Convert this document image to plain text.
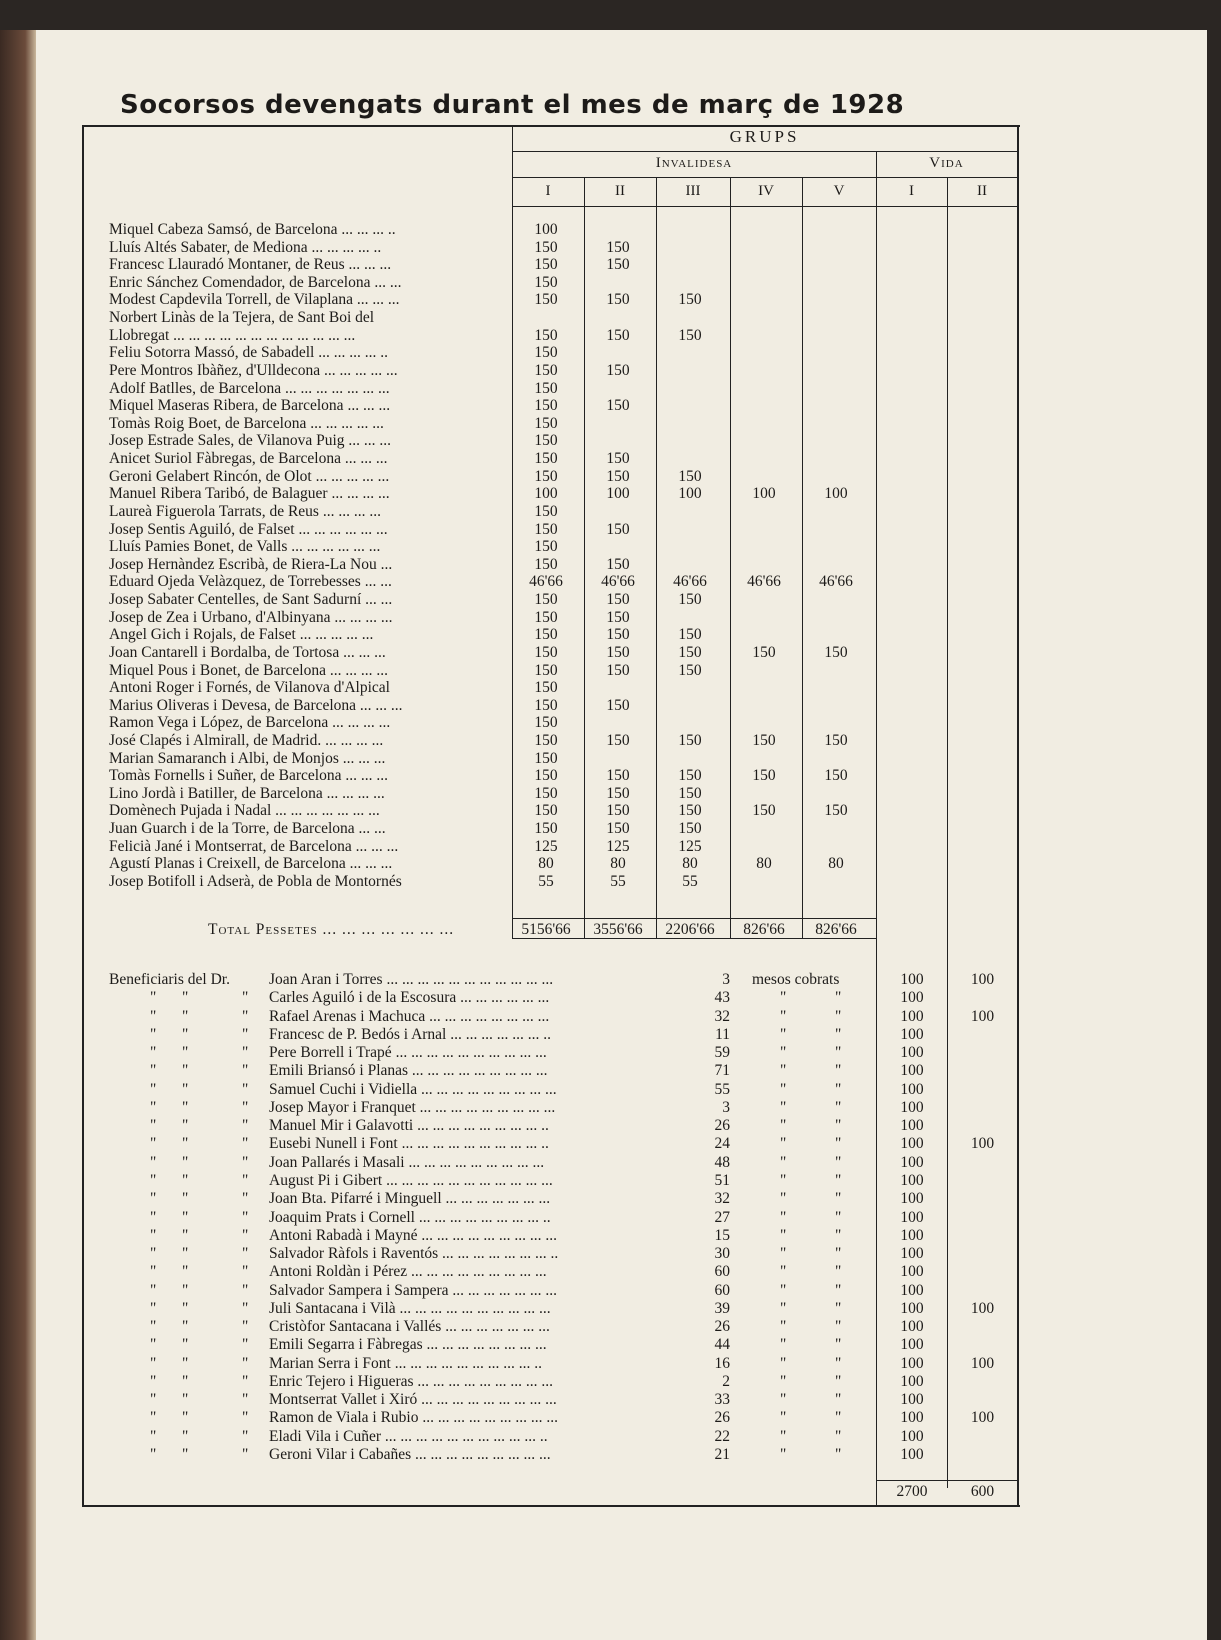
Socorsos devengats durant el mes de març de 1928
GRUPS
Invalidesa	Vida
I	II	III	IV	V	I	II
Miquel Cabeza Samsó, de Barcelona ... ... ... ..	100
Lluís Altés Sabater, de Mediona ... ... ... ... ..	150	150
Francesc Llauradó Montaner, de Reus ... ... ...	150	150
Enric Sánchez Comendador, de Barcelona ... ...	150
Modest Capdevila Torrell, de Vilaplana ... ... ...	150	150	150
Norbert Linàs de la Tejera, de Sant Boi del
Llobregat ... ... ... ... ... ... ... ... ... ... ... ...	150	150	150
Feliu Sotorra Massó, de Sabadell ... ... ... ... ..	150
Pere Montros Ibàñez, d'Ulldecona ... ... ... ... ...	150	150
Adolf Batlles, de Barcelona ... ... ... ... ... ... ...	150
Miquel Maseras Ribera, de Barcelona ... ... ...	150	150
Tomàs Roig Boet, de Barcelona ... ... ... ... ...	150
Josep Estrade Sales, de Vilanova Puig ... ... ...	150
Anicet Suriol Fàbregas, de Barcelona ... ... ...	150	150
Geroni Gelabert Rincón, de Olot ... ... ... ... ...	150	150	150
Manuel Ribera Taribó, de Balaguer ... ... ... ...	100	100	100	100	100
Laureà Figuerola Tarrats, de Reus ... ... ... ...	150
Josep Sentis Aguiló, de Falset ... ... ... ... ... ...	150	150
Lluís Pamies Bonet, de Valls ... ... ... ... ... ...	150
Josep Hernàndez Escribà, de Riera-La Nou ...	150	150
Eduard Ojeda Velàzquez, de Torrebesses ... ...	46'66	46'66	46'66	46'66	46'66
Josep Sabater Centelles, de Sant Sadurní ... ...	150	150	150
Josep de Zea i Urbano, d'Albinyana ... ... ... ...	150	150
Angel Gich i Rojals, de Falset ... ... ... ... ...	150	150	150
Joan Cantarell i Bordalba, de Tortosa ... ... ...	150	150	150	150	150
Miquel Pous i Bonet, de Barcelona ... ... ... ...	150	150	150
Antoni Roger i Fornés, de Vilanova d'Alpical	150
Marius Oliveras i Devesa, de Barcelona ... ... ...	150	150
Ramon Vega i López, de Barcelona ... ... ... ...	150
José Clapés i Almirall, de Madrid. ... ... ... ...	150	150	150	150	150
Marian Samaranch i Albi, de Monjos ... ... ...	150
Tomàs Fornells i Suñer, de Barcelona ... ... ...	150	150	150	150	150
Lino Jordà i Batiller, de Barcelona ... ... ... ...	150	150	150
Domènech Pujada i Nadal ... ... ... ... ... ... ...	150	150	150	150	150
Juan Guarch i de la Torre, de Barcelona ... ...	150	150	150
Felicià Jané i Montserrat, de Barcelona ... ... ...	125	125	125
Agustí Planas i Creixell, de Barcelona ... ... ...	80	80	80	80	80
Josep Botifoll i Adserà, de Pobla de Montornés	55	55	55
Total Pessetes ... ... ... ... ... ... ...	5156'66	3556'66	2206'66	826'66	826'66
Beneficiaris del Dr.	Joan Aran i Torres ... ... ... ... ... ... ... ... ... ... ...	3 mesos cobrats	100	100
" "	" Carles Aguiló i de la Escosura ... ... ... ... ... ...	43	"	"	100
" "	" Rafael Arenas i Machuca ... ... ... ... ... ... ... ...	32	"	"	100	100
" "	" Francesc de P. Bedós i Arnal ... ... ... ... ... ... ..	11	"	"	100
" "	" Pere Borrell i Trapé ... ... ... ... ... ... ... ... ... ...	59	"	"	100
" "	" Emili Briansó i Planas ... ... ... ... ... ... ... ... ...	71	"	"	100
" "	" Samuel Cuchi i Vidiella ... ... ... ... ... ... ... ... ...	55	"	"	100
" "	" Josep Mayor i Franquet ... ... ... ... ... ... ... ... ...	3	"	"	100
" "	" Manuel Mir i Galavotti ... ... ... ... ... ... ... ... ..	26	"	"	100
" "	" Eusebi Nunell i Font ... ... ... ... ... ... ... ... ... ..	24	"	"	100	100
" "	" Joan Pallarés i Masali ... ... ... ... ... ... ... ... ...	48	"	"	100
" "	" August Pi i Gibert ... ... ... ... ... ... ... ... ... ... ...	51	"	"	100
" "	" Joan Bta. Pifarré i Minguell ... ... ... ... ... ... ...	32	"	"	100
" "	" Joaquim Prats i Cornell ... ... ... ... ... ... ... ... ..	27	"	"	100
" "	" Antoni Rabadà i Mayné ... ... ... ... ... ... ... ... ...	15	"	"	100
" "	" Salvador Ràfols i Raventós ... ... ... ... ... ... ... ..	30	"	"	100
" "	" Antoni Roldàn i Pérez ... ... ... ... ... ... ... ... ...	60	"	"	100
" "	" Salvador Sampera i Sampera ... ... ... ... ... ... ...	60	"	"	100
" "	" Juli Santacana i Vilà ... ... ... ... ... ... ... ... ... ...	39	"	"	100	100
" "	" Cristòfor Santacana i Vallés ... ... ... ... ... ... ...	26	"	"	100
" "	" Emili Segarra i Fàbregas ... ... ... ... ... ... ... ...	44	"	"	100
" "	" Marian Serra i Font ... ... ... ... ... ... ... ... ... ..	16	"	"	100	100
" "	" Enric Tejero i Higueras ... ... ... ... ... ... ... ... ...	2	"	"	100
" "	" Montserrat Vallet i Xiró ... ... ... ... ... ... ... ... ...	33	"	"	100
" "	" Ramon de Viala i Rubio ... ... ... ... ... ... ... ... ...	26	"	"	100	100
" "	" Eladi Vila i Cuñer ... ... ... ... ... ... ... ... ... ... ..	22	"	"	100
" "	" Geroni Vilar i Cabañes ... ... ... ... ... ... ... ... ...	21	"	"	100
2700	600
